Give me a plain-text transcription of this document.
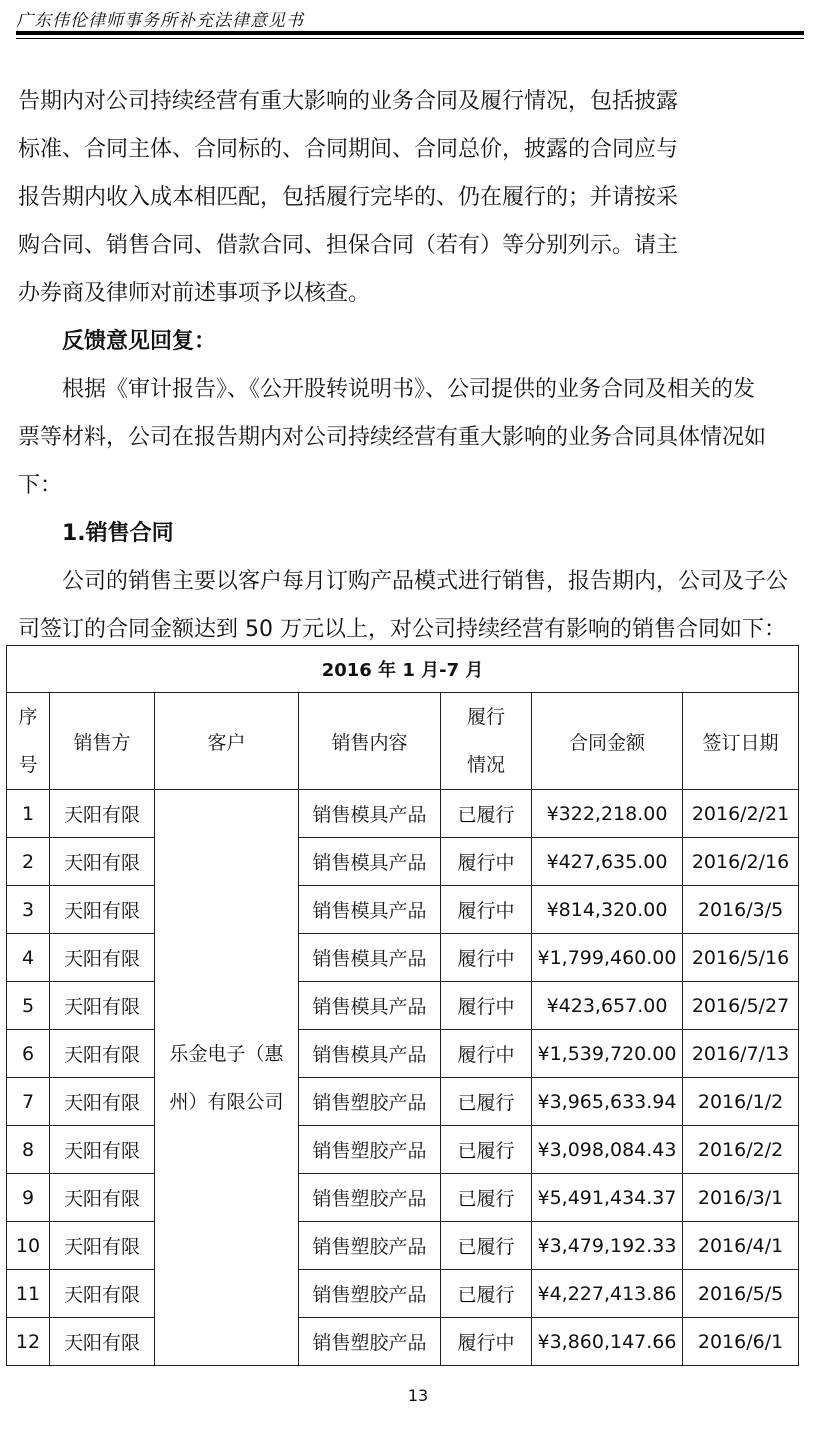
广东伟伦律师事务所补充法律意见书

告期内对公司持续经营有重大影响的业务合同及履行情况，包括披露

标准、合同主体、合同标的、合同期间、合同总价，披露的合同应与

报告期内收入成本相匹配，包括履行完毕的、仍在履行的；并请按采

购合同、销售合同、借款合同、担保合同（若有）等分别列示。请主

办券商及律师对前述事项予以核查。

反馈意见回复：

根据《审计报告》、《公开股转说明书》、公司提供的业务合同及相关的发

票等材料，公司在报告期内对公司持续经营有重大影响的业务合同具体情况如

下：

1.销售合同

公司的销售主要以客户每月订购产品模式进行销售，报告期内，公司及子公

司签订的合同金额达到 50 万元以上，对公司持续经营有影响的销售合同如下：

2016 年 1 月-7 月						

序
号	销售方	客户	销售内容	履行
情况	合同金额	签订日期
1	天阳有限	乐金电子（惠州）有限公司	销售模具产品	已履行	¥322,218.00	2016/2/21
2	天阳有限		销售模具产品	履行中	¥427,635.00	2016/2/16
3	天阳有限		销售模具产品	履行中	¥814,320.00	2016/3/5
4	天阳有限		销售模具产品	履行中	¥1,799,460.00	2016/5/16
5	天阳有限		销售模具产品	履行中	¥423,657.00	2016/5/27
6	天阳有限		销售模具产品	履行中	¥1,539,720.00	2016/7/13
7	天阳有限		销售塑胶产品	已履行	¥3,965,633.94	2016/1/2
8	天阳有限		销售塑胶产品	已履行	¥3,098,084.43	2016/2/2
9	天阳有限		销售塑胶产品	已履行	¥5,491,434.37	2016/3/1
10	天阳有限		销售塑胶产品	已履行	¥3,479,192.33	2016/4/1
11	天阳有限		销售塑胶产品	已履行	¥4,227,413.86	2016/5/5
12	天阳有限		销售塑胶产品	履行中	¥3,860,147.66	2016/6/1
13
